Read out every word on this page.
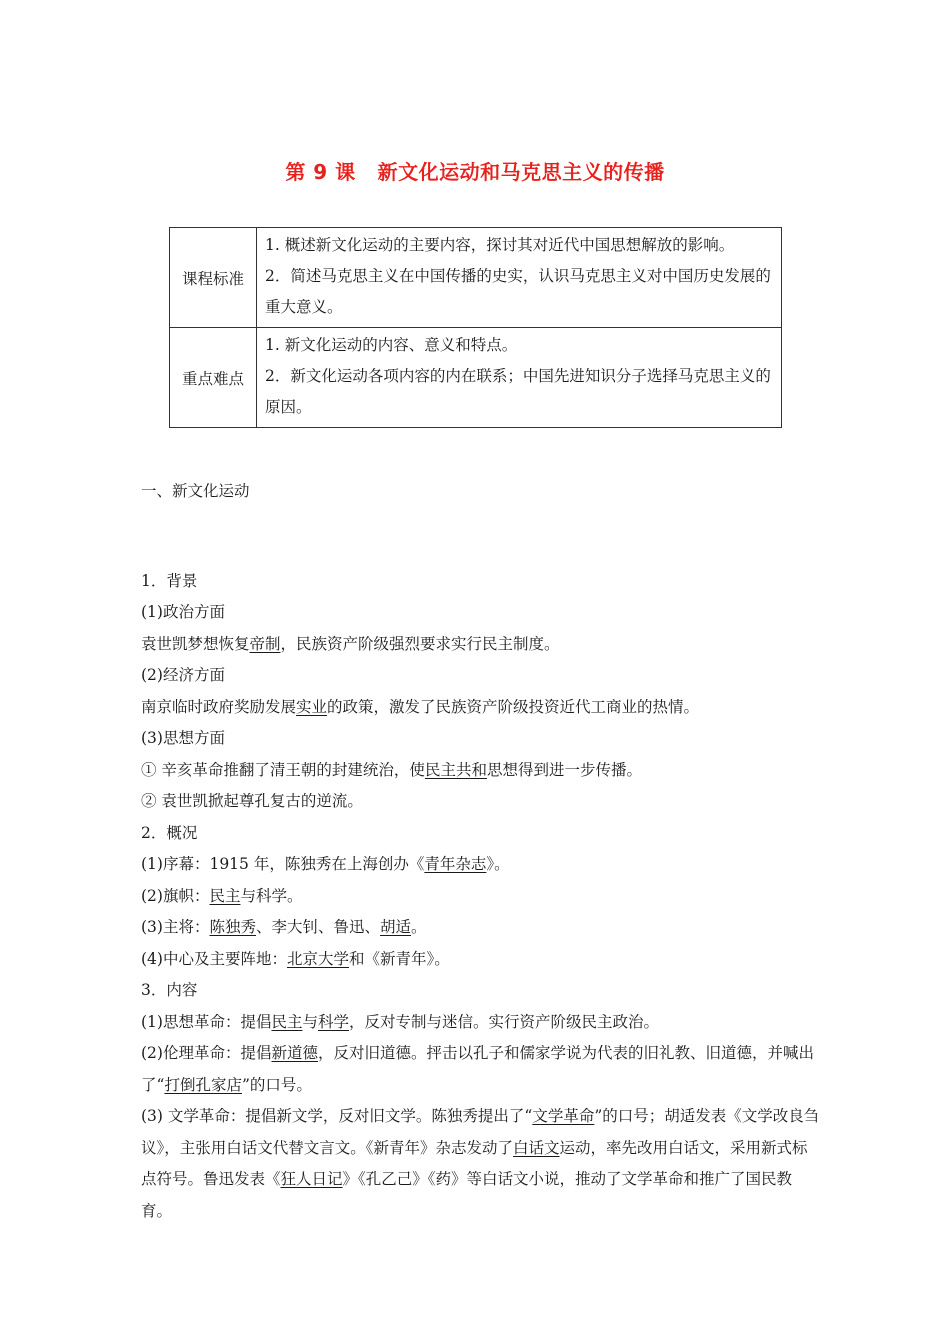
第 9 课 新文化运动和马克思主义的传播
课程标准	1. 概述新文化运动的主要内容，探讨其对近代中国思想解放的影响。
2．简述马克思主义在中国传播的史实，认识马克思主义对中国历史发展的重大意义。

重点难点	1. 新文化运动的内容、意义和特点。
2．新文化运动各项内容的内在联系；中国先进知识分子选择马克思主义的原因。

一、新文化运动

1．背景

(1)政治方面

袁世凯梦想恢复帝制，民族资产阶级强烈要求实行民主制度。

(2)经济方面

南京临时政府奖励发展实业的政策，激发了民族资产阶级投资近代工商业的热情。

(3)思想方面

① 辛亥革命推翻了清王朝的封建统治，使民主共和思想得到进一步传播。

② 袁世凯掀起尊孔复古的逆流。

2．概况

(1)序幕：1915 年，陈独秀在上海创办《青年杂志》。

(2)旗帜：民主与科学。

(3)主将：陈独秀、李大钊、鲁迅、胡适。

(4)中心及主要阵地：北京大学和《新青年》。

3．内容

(1)思想革命：提倡民主与科学，反对专制与迷信。实行资产阶级民主政治。

(2)伦理革命：提倡新道德，反对旧道德。抨击以孔子和儒家学说为代表的旧礼教、旧道德，并喊出了“打倒孔家店”的口号。

(3) 文学革命：提倡新文学，反对旧文学。陈独秀提出了“文学革命”的口号；胡适发表《文学改良刍议》，主张用白话文代替文言文。《新青年》杂志发动了白话文运动，率先改用白话文，采用新式标点符号。鲁迅发表《狂人日记》《孔乙己》《药》等白话文小说，推动了文学革命和推广了国民教育。
